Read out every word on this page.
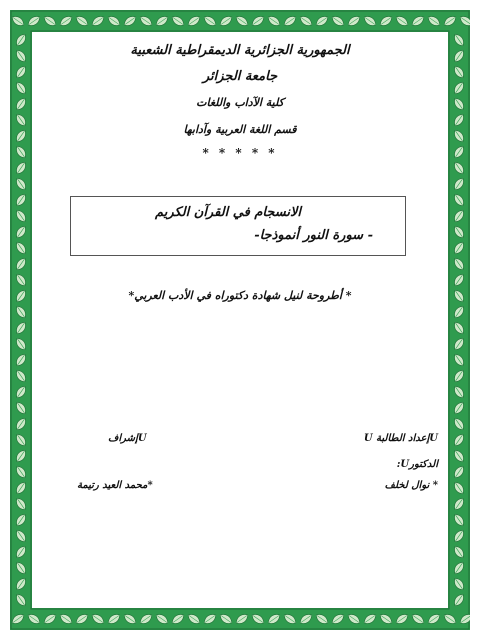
الجمهورية الجزائرية الديمقراطية الشعبية
جامعة الجزائر
كلية الآداب واللغات
قسم اللغة العربية وآدابها
* * * * *
الانسجام في القرآن الكريم
- سورة النور أنموذجا-
* أطروحة لنيل شهادة دكتوراه في الأدب العربي*
Uإعداد الطالبة U
الدكتورU:
* نوال لخلف
Uإشراف
*محمد العيد رتيمة
